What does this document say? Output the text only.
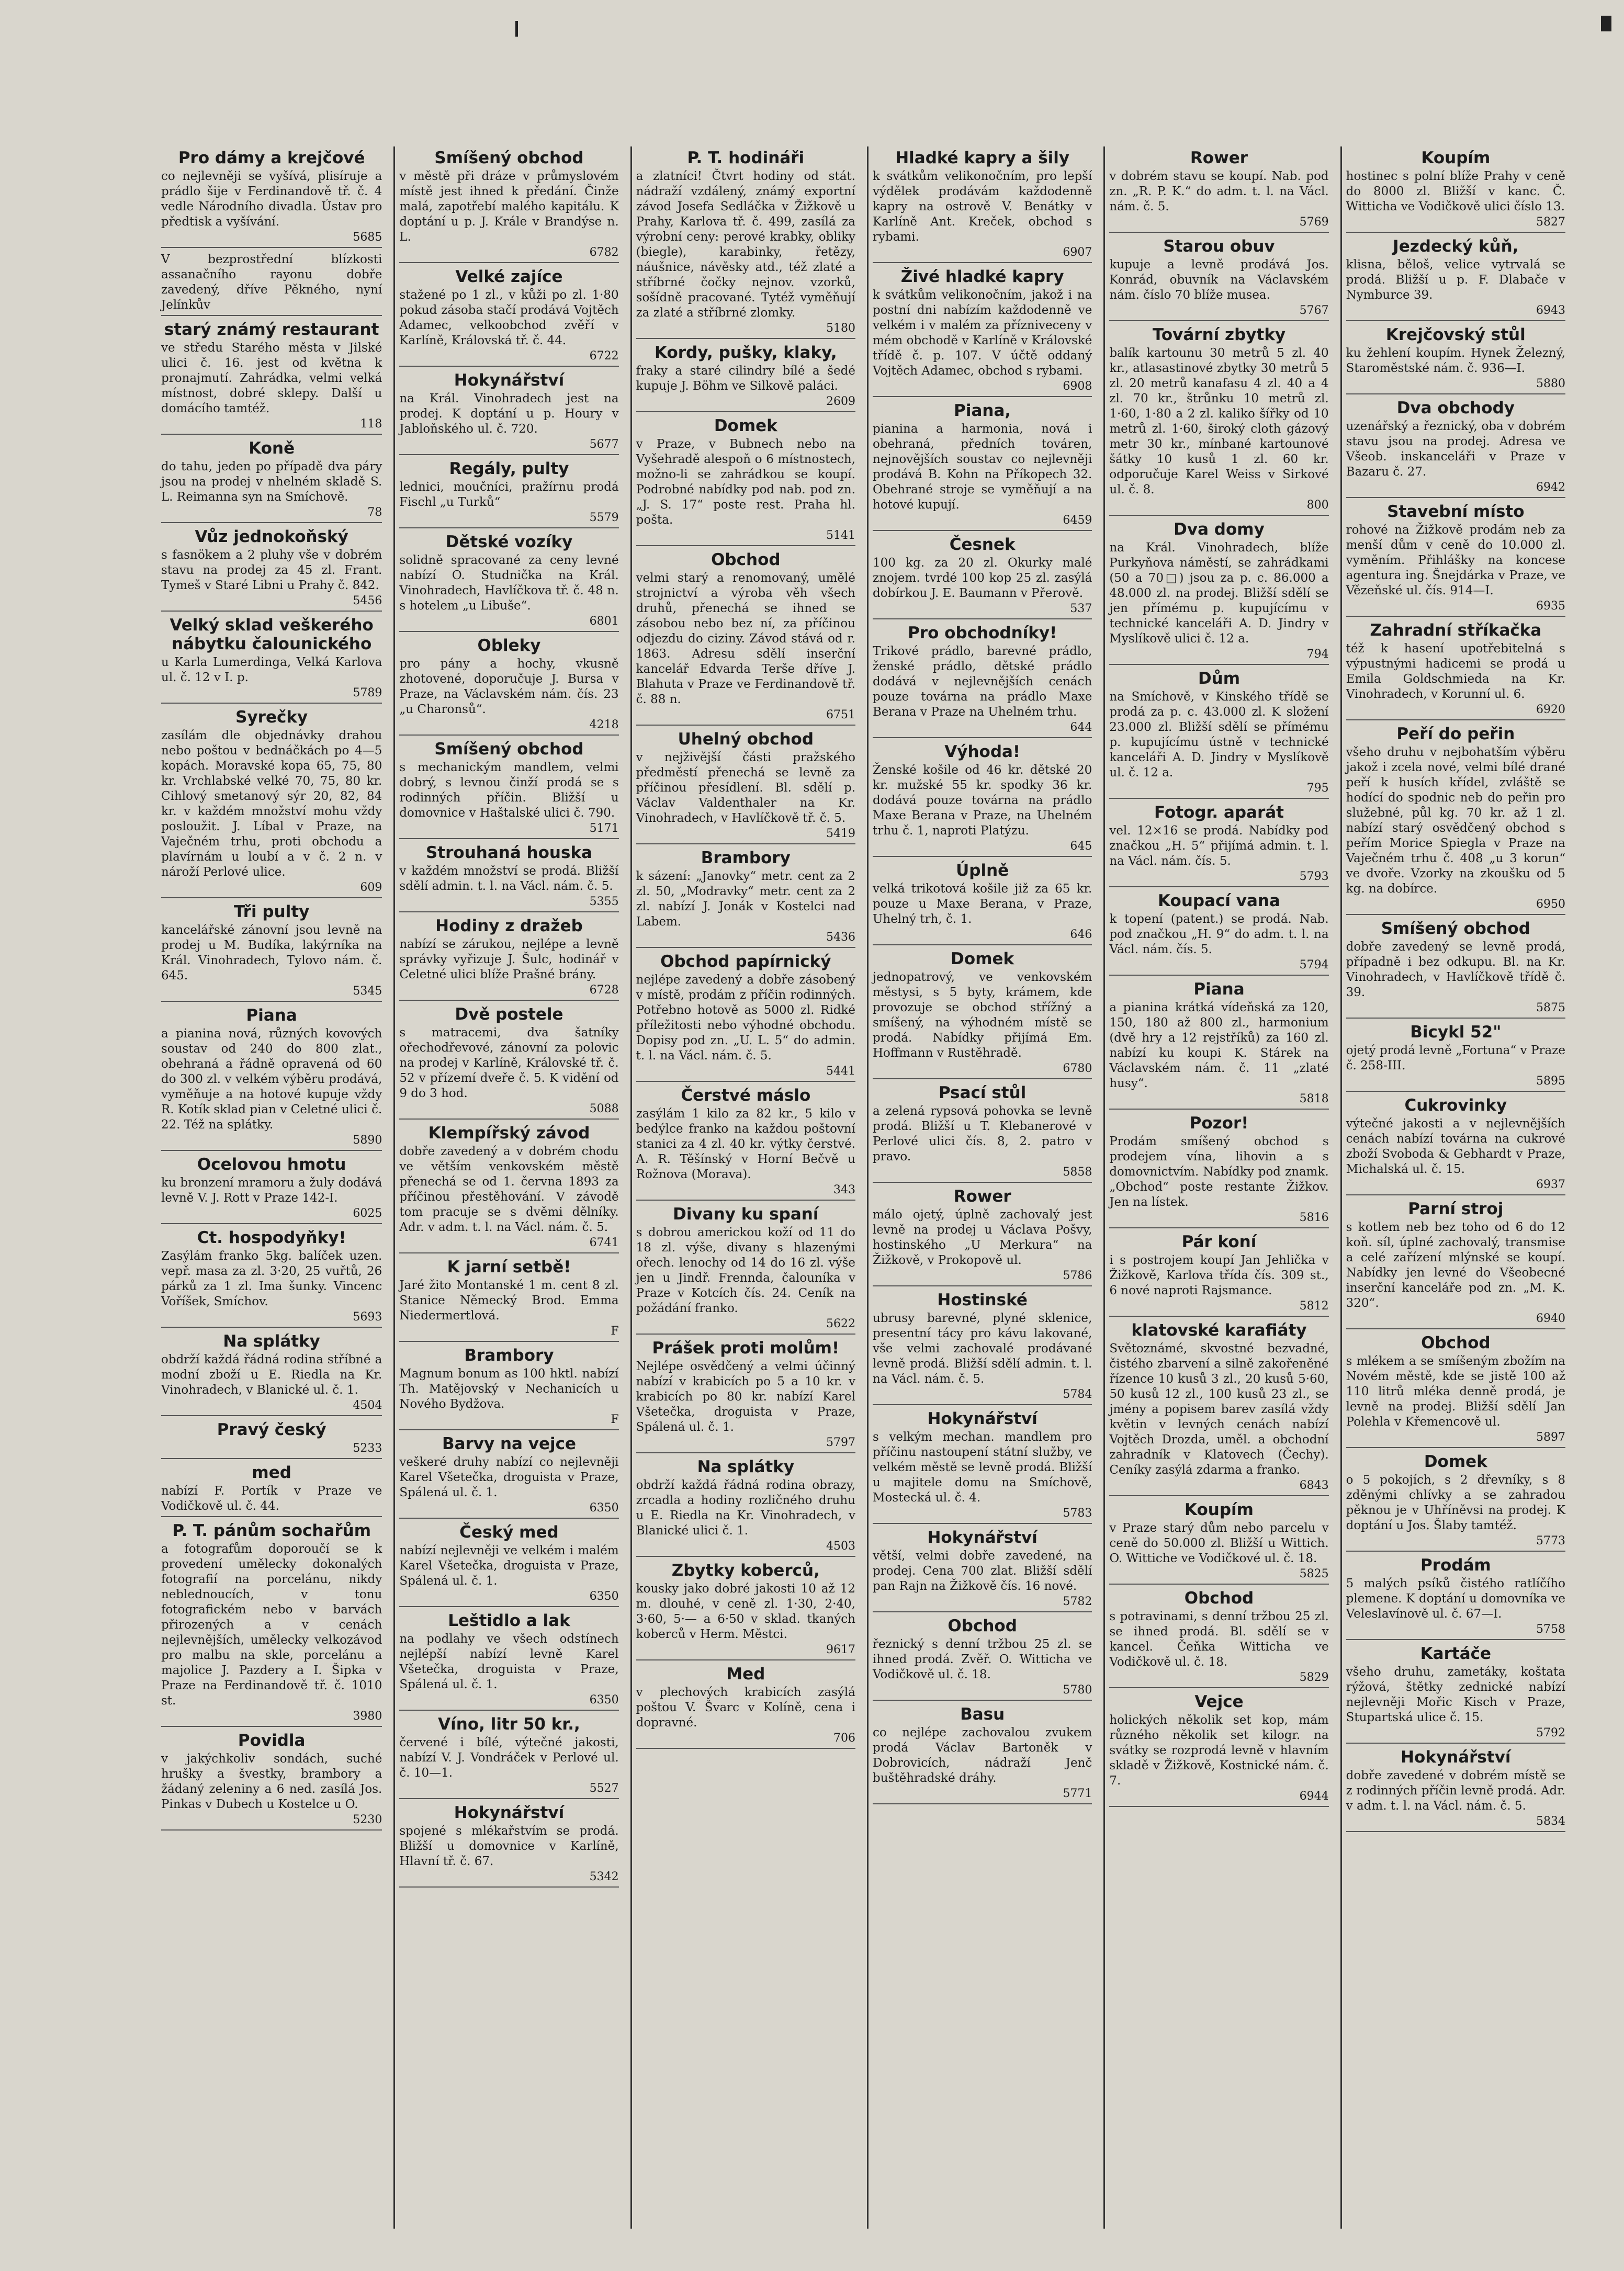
Pro dámy a krejčové
co nejlevněji se vyšívá, plisíruje a prádlo šije v Ferdinandově tř. č. 4 vedle Národního divadla. Ústav pro předtisk a vyšívání.
5685
V bezprostřední blízkosti assanačního rayonu dobře zavedený, dříve Pěkného, nyní Jelínkův
starý známý restaurant
ve středu Starého města v Jilské ulici č. 16. jest od května k pronajmutí. Zahrádka, velmi velká místnost, dobré sklepy. Další u domácího tamtéž.
118
Koně
do tahu, jeden po případě dva páry jsou na prodej v nhelném skladě S. L. Reimanna syn na Smíchově.
78
Vůz jednokoňský
s fasnökem a 2 pluhy vše v dobrém stavu na prodej za 45 zl. Frant. Tymeš v Staré Libni u Prahy č. 842.
5456
Velký sklad veškerého nábytku čalounického
u Karla Lumerdinga, Velká Karlova ul. č. 12 v I. p.
5789
Syrečky
zasílám dle objednávky drahou nebo poštou v bednáčkách po 4—5 kopách. Moravské kopa 65, 75, 80 kr. Vrchlabské velké 70, 75, 80 kr. Cihlový smetanový sýr 20, 82, 84 kr. v každém množství mohu vždy posloužit. J. Líbal v Praze, na Vaječném trhu, proti obchodu a plavírnám u loubí a v č. 2 n. v nároží Perlové ulice.
609
Tři pulty
kancelářské zánovní jsou levně na prodej u M. Budíka, lakýrníka na Král. Vinohradech, Tylovo nám. č. 645.
5345
Piana
a pianina nová, různých kovových soustav od 240 do 800 zlat., obehraná a řádně opravená od 60 do 300 zl. v velkém výběru prodává, vyměňuje a na hotové kupuje vždy R. Kotík sklad pian v Celetné ulici č. 22. Též na splátky.
5890
Ocelovou hmotu
ku bronzení mramoru a žuly dodává levně V. J. Rott v Praze 142-I.
6025
Ct. hospodyňky!
Zasýlám franko 5kg. balíček uzen. vepř. masa za zl. 3·20, 25 vuřtů, 26 párků za 1 zl. Ima šunky. Vincenc Voříšek, Smíchov.
5693
Na splátky
obdrží každá řádná rodina stříbné a modní zboží u E. Riedla na Kr. Vinohradech, v Blanické ul. č. 1.
4504
Pravý český
5233
med
nabízí F. Portík v Praze ve Vodičkově ul. č. 44.
P. T. pánům sochařům
a fotografům doporoučí se k provedení umělecky dokonalých fotografií na porcelánu, nikdy neblednoucích, v tonu fotografickém nebo v barvách přirozených a v cenách nejlevnějších, umělecky velkozávod pro malbu na skle, porcelánu a majolice J. Pazdery a I. Šipka v Praze na Ferdinandově tř. č. 1010 st.
3980
Povidla
v jakýchkoliv sondách, suché hrušky a švestky, brambory a žádaný zeleniny a 6 ned. zasílá Jos. Pinkas v Dubech u Kostelce u O.
5230
Smíšený obchod
v městě při dráze v průmyslovém místě jest ihned k předání. Činže malá, zapotřebí malého kapitálu. K doptání u p. J. Krále v Brandýse n. L.
6782
Velké zajíce
stažené po 1 zl., v kůži po zl. 1·80 pokud zásoba stačí prodává Vojtěch Adamec, velkoobchod zvěří v Karlíně, Královská tř. č. 44.
6722
Hokynářství
na Král. Vinohradech jest na prodej. K doptání u p. Houry v Jabloňského ul. č. 720.
5677
Regály, pulty
lednici, moučníci, pražírnu prodá Fischl „u Turků“
5579
Dětské vozíky
solidně spracované za ceny levné nabízí O. Studnička na Král. Vinohradech, Havlíčkova tř. č. 48 n. s hotelem „u Libuše“.
6801
Obleky
pro pány a hochy, vkusně zhotovené, doporučuje J. Bursa v Praze, na Václavském nám. čís. 23 „u Charonsů“.
4218
Smíšený obchod
s mechanickým mandlem, velmi dobrý, s levnou činží prodá se s rodinných příčin. Bližší u domovnice v Haštalské ulici č. 790.
5171
Strouhaná houska
v každém množství se prodá. Bližší sdělí admin. t. l. na Václ. nám. č. 5.
5355
Hodiny z dražeb
nabízí se zárukou, nejlépe a levně správky vyřizuje J. Šulc, hodinář v Celetné ulici blíže Prašné brány.
6728
Dvě postele
s matracemi, dva šatníky ořechodřevové, zánovní za polovic na prodej v Karlíně, Královské tř. č. 52 v přízemí dveře č. 5. K vidění od 9 do 3 hod.
5088
Klempířský závod
dobře zavedený a v dobrém chodu ve větším venkovském městě přenechá se od 1. června 1893 za příčinou přestěhování. V závodě tom pracuje se s dvěmi dělníky. Adr. v adm. t. l. na Václ. nám. č. 5.
6741
K jarní setbě!
Jaré žito Montanské 1 m. cent 8 zl. Stanice Německý Brod. Emma Niedermertlová.
F
Brambory
Magnum bonum as 100 hktl. nabízí Th. Matějovský v Nechanicích u Nového Bydžova.
F
Barvy na vejce
veškeré druhy nabízí co nejlevněji Karel Všetečka, droguista v Praze, Spálená ul. č. 1.
6350
Český med
nabízí nejlevněji ve velkém i malém Karel Všetečka, droguista v Praze, Spálená ul. č. 1.
6350
Leštidlo a lak
na podlahy ve všech odstínech nejlépší nabízí levně Karel Všetečka, droguista v Praze, Spálená ul. č. 1.
6350
Víno, litr 50 kr.,
červené i bílé, výtečné jakosti, nabízí V. J. Vondráček v Perlové ul. č. 10—1.
5527
Hokynářství
spojené s mlékařstvím se prodá. Bližší u domovnice v Karlíně, Hlavní tř. č. 67.
5342
P. T. hodináři
a zlatníci! Čtvrt hodiny od stát. nádraží vzdálený, známý exportní závod Josefa Sedláčka v Žižkově u Prahy, Karlova tř. č. 499, zasílá za výrobní ceny: perové krabky, obliky (biegle), karabinky, řetězy, náušnice, návěsky atd., též zlaté a stříbrné čočky nejnov. vzorků, sošídně pracované. Tytéž vyměňují za zlaté a stříbrné zlomky.
5180
Kordy, pušky, klaky,
fraky a staré cilindry bílé a šedé kupuje J. Böhm ve Silkově paláci.
2609
Domek
v Praze, v Bubnech nebo na Vyšehradě alespoň o 6 místnostech, možno-li se zahrádkou se koupí. Podrobné nabídky pod nab. pod zn. „J. S. 17“ poste rest. Praha hl. pošta.
5141
Obchod
velmi starý a renomovaný, umělé strojnictví a výroba věh všech druhů, přenechá se ihned se zásobou nebo bez ní, za příčinou odjezdu do ciziny. Závod stává od r. 1863. Adresu sdělí inserční kancelář Edvarda Terše dříve J. Blahuta v Praze ve Ferdinandově tř. č. 88 n.
6751
Uhelný obchod
v nejživější části pražského předměstí přenechá se levně za příčinou přesídlení. Bl. sdělí p. Václav Valdenthaler na Kr. Vinohradech, v Havlíčkově tř. č. 5.
5419
Brambory
k sázení: „Janovky“ metr. cent za 2 zl. 50, „Modravky“ metr. cent za 2 zl. nabízí J. Jonák v Kostelci nad Labem.
5436
Obchod papírnický
nejlépe zavedený a dobře zásobený v místě, prodám z příčin rodinných. Potřebno hotově as 5000 zl. Ridké příležitosti nebo výhodné obchodu. Dopisy pod zn. „U. L. 5“ do admin. t. l. na Václ. nám. č. 5.
5441
Čerstvé máslo
zasýlám 1 kilo za 82 kr., 5 kilo v bedýlce franko na každou poštovní stanici za 4 zl. 40 kr. výtky čerstvé. A. R. Těšínský v Horní Bečvě u Rožnova (Morava).
343
Divany ku spaní
s dobrou americkou koží od 11 do 18 zl. výše, divany s hlazenými ořech. lenochy od 14 do 16 zl. výše jen u Jindř. Frennda, čalouníka v Praze v Kotcích čís. 24. Ceník na požádání franko.
5622
Prášek proti molům!
Nejlépe osvědčený a velmi účinný nabízí v krabicích po 5 a 10 kr. v krabicích po 80 kr. nabízí Karel Všetečka, droguista v Praze, Spálená ul. č. 1.
5797
Na splátky
obdrží každá řádná rodina obrazy, zrcadla a hodiny rozličného druhu u E. Riedla na Kr. Vinohradech, v Blanické ulici č. 1.
4503
Zbytky koberců,
kousky jako dobré jakosti 10 až 12 m. dlouhé, v ceně zl. 1·30, 2·40, 3·60, 5·— a 6·50 v sklad. tkaných koberců v Herm. Městci.
9617
Med
v plechových krabicích zasýlá poštou V. Švarc v Kolíně, cena i dopravné.
706
Hladké kapry a šily
k svátkům velikonočním, pro lepší výdělek prodávám každodenně kapry na ostrově V. Benátky v Karlíně Ant. Kreček, obchod s rybami.
6907
Živé hladké kapry
k svátkům velikonočním, jakož i na postní dni nabízím každodenně ve velkém i v malém za přízniveceny v mém obchodě v Karlíně v Královské třídě č. p. 107. V účtě oddaný Vojtěch Adamec, obchod s rybami.
6908
Piana,
pianina a harmonia, nová i obehraná, předních továren, nejnovějších soustav co nejlevněji prodává B. Kohn na Příkopech 32. Obehrané stroje se vyměňují a na hotové kupují.
6459
Česnek
100 kg. za 20 zl. Okurky malé znojem. tvrdé 100 kop 25 zl. zasýlá dobírkou J. E. Baumann v Přerově.
537
Pro obchodníky!
Trikové prádlo, barevné prádlo, ženské prádlo, dětské prádlo dodává v nejlevnějších cenách pouze továrna na prádlo Maxe Berana v Praze na Uhelném trhu.
644
Výhoda!
Ženské košile od 46 kr. dětské 20 kr. mužské 55 kr. spodky 36 kr. dodává pouze továrna na prádlo Maxe Berana v Praze, na Uhelném trhu č. 1, naproti Platýzu.
645
Úplně
velká trikotová košile již za 65 kr. pouze u Maxe Berana, v Praze, Uhelný trh, č. 1.
646
Domek
jednopatrový, ve venkovském městysi, s 5 byty, krámem, kde provozuje se obchod střížný a smíšený, na výhodném místě se prodá. Nabídky přijímá Em. Hoffmann v Rustěhradě.
6780
Psací stůl
a zelená rypsová pohovka se levně prodá. Bližší u T. Klebanerové v Perlové ulici čís. 8, 2. patro v pravo.
5858
Rower
málo ojetý, úplně zachovalý jest levně na prodej u Václava Pošvy, hostinského „U Merkura“ na Žižkově, v Prokopově ul.
5786
Hostinské
ubrusy barevné, plyné sklenice, presentní tácy pro kávu lakované, vše velmi zachovalé prodávané levně prodá. Bližší sdělí admin. t. l. na Václ. nám. č. 5.
5784
Hokynářství
s velkým mechan. mandlem pro příčinu nastoupení státní služby, ve velkém městě se levně prodá. Bližší u majitele domu na Smíchově, Mostecká ul. č. 4.
5783
Hokynářství
větší, velmi dobře zavedené, na prodej. Cena 700 zlat. Bližší sdělí pan Rajn na Žižkově čís. 16 nové.
5782
Obchod
řeznický s denní tržbou 25 zl. se ihned prodá. Zvěř. O. Witticha ve Vodičkově ul. č. 18.
5780
Basu
co nejlépe zachovalou zvukem prodá Václav Bartoněk v Dobrovicích, nádraží Jenč buštěhradské dráhy.
5771
Rower
v dobrém stavu se koupí. Nab. pod zn. „R. P. K.“ do adm. t. l. na Václ. nám. č. 5.
5769
Starou obuv
kupuje a levně prodává Jos. Konrád, obuvník na Václavském nám. číslo 70 blíže musea.
5767
Tovární zbytky
balík kartounu 30 metrů 5 zl. 40 kr., atlasastinové zbytky 30 metrů 5 zl. 20 metrů kanafasu 4 zl. 40 a 4 zl. 70 kr., štrůnku 10 metrů zl. 1·60, 1·80 a 2 zl. kaliko šířky od 10 metrů zl. 1·60, široký cloth gázový metr 30 kr., mínbané kartounové šátky 10 kusů 1 zl. 60 kr. odporučuje Karel Weiss v Sirkové ul. č. 8.
800
Dva domy
na Král. Vinohradech, blíže Purkyňova náměstí, se zahrádkami (50 a 70□) jsou za p. c. 86.000 a 48.000 zl. na prodej. Bližší sdělí se jen přímému p. kupujícímu v technické kanceláři A. D. Jindry v Myslíkově ulici č. 12 a.
794
Dům
na Smíchově, v Kinského třídě se prodá za p. c. 43.000 zl. K složení 23.000 zl. Bližší sdělí se přímému p. kupujícímu ústně v technické kanceláři A. D. Jindry v Myslíkově ul. č. 12 a.
795
Fotogr. aparát
vel. 12×16 se prodá. Nabídky pod značkou „H. 5“ přijímá admin. t. l. na Václ. nám. čís. 5.
5793
Koupací vana
k topení (patent.) se prodá. Nab. pod značkou „H. 9“ do adm. t. l. na Václ. nám. čís. 5.
5794
Piana
a pianina krátká vídeňská za 120, 150, 180 až 800 zl., harmonium (dvě hry a 12 rejstříků) za 160 zl. nabízí ku koupi K. Stárek na Václavském nám. č. 11 „zlaté husy“.
5818
Pozor!
Prodám smíšený obchod s prodejem vína, lihovin a s domovnictvím. Nabídky pod znamk. „Obchod“ poste restante Žižkov. Jen na lístek.
5816
Pár koní
i s postrojem koupí Jan Jehlička v Žižkově, Karlova třída čís. 309 st., 6 nové naproti Rajsmance.
5812
klatovské karafiáty
Světoznámé, skvostné bezvadné, čistého zbarvení a silně zakořeněné řízence 10 kusů 3 zl., 20 kusů 5·60, 50 kusů 12 zl., 100 kusů 23 zl., se jmény a popisem barev zasílá vždy květin v levných cenách nabízí Vojtěch Drozda, uměl. a obchodní zahradník v Klatovech (Čechy). Ceníky zasýlá zdarma a franko.
6843
Koupím
v Praze starý dům nebo parcelu v ceně do 50.000 zl. Bližší u Wittich. O. Wittiche ve Vodičkové ul. č. 18.
5825
Obchod
s potravinami, s denní tržbou 25 zl. se ihned prodá. Bl. sdělí se v kancel. Čeňka Witticha ve Vodičkově ul. č. 18.
5829
Vejce
holických několik set kop, mám různého několik set kilogr. na svátky se rozprodá levně v hlavním skladě v Žižkově, Kostnické nám. č. 7.
6944
Koupím
hostinec s polní blíže Prahy v ceně do 8000 zl. Bližší v kanc. Č. Witticha ve Vodičkově ulici číslo 13.
5827
Jezdecký kůň,
klisna, běloš, velice vytrvalá se prodá. Bližší u p. F. Dlabače v Nymburce 39.
6943
Krejčovský stůl
ku žehlení koupím. Hynek Železný, Staroměstské nám. č. 936—I.
5880
Dva obchody
uzenářský a řeznický, oba v dobrém stavu jsou na prodej. Adresa ve Všeob. inskanceláři v Praze v Bazaru č. 27.
6942
Stavební místo
rohové na Žižkově prodám neb za menší dům v ceně do 10.000 zl. vyměním. Přihlášky na koncese agentura ing. Šnejdárka v Praze, ve Vězeňské ul. čís. 914—I.
6935
Zahradní stříkačka
též k hasení upotřebitelná s výpustnými hadicemi se prodá u Emila Goldschmieda na Kr. Vinohradech, v Korunní ul. 6.
6920
Peří do peřin
všeho druhu v nejbohatším výběru jakož i zcela nové, velmi bílé drané peří k husích křídel, zvláště se hodící do spodnic neb do peřin pro služebné, půl kg. 70 kr. až 1 zl. nabízí starý osvědčený obchod s peřím Morice Spiegla v Praze na Vaječném trhu č. 408 „u 3 korun“ ve dvoře. Vzorky na zkoušku od 5 kg. na dobírce.
6950
Smíšený obchod
dobře zavedený se levně prodá, případně i bez odkupu. Bl. na Kr. Vinohradech, v Havlíčkově třídě č. 39.
5875
Bicykl 52"
ojetý prodá levně „Fortuna“ v Praze č. 258-III.
5895
Cukrovinky
výtečné jakosti a v nejlevnějších cenách nabízí továrna na cukrové zboží Svoboda & Gebhardt v Praze, Michalská ul. č. 15.
6937
Parní stroj
s kotlem neb bez toho od 6 do 12 koň. síl, úplné zachovalý, transmise a celé zařízení mlýnské se koupí. Nabídky jen levné do Všeobecné inserční kanceláře pod zn. „M. K. 320“.
6940
Obchod
s mlékem a se smíšeným zbožím na Novém městě, kde se jistě 100 až 110 litrů mléka denně prodá, je levně na prodej. Bližší sdělí Jan Polehla v Křemencově ul.
5897
Domek
o 5 pokojích, s 2 dřevníky, s 8 zděnými chlívky a se zahradou pěknou je v Uhříněvsi na prodej. K doptání u Jos. Šlaby tamtéž.
5773
Prodám
5 malých psíků čistého ratlíčího plemene. K doptání u domovníka ve Veleslavínově ul. č. 67—I.
5758
Kartáče
všeho druhu, zametáky, koštata rýžová, štětky zednické nabízí nejlevněji Mořic Kisch v Praze, Stupartská ulice č. 15.
5792
Hokynářství
dobře zavedené v dobrém místě se z rodinných příčin levně prodá. Adr. v adm. t. l. na Václ. nám. č. 5.
5834
